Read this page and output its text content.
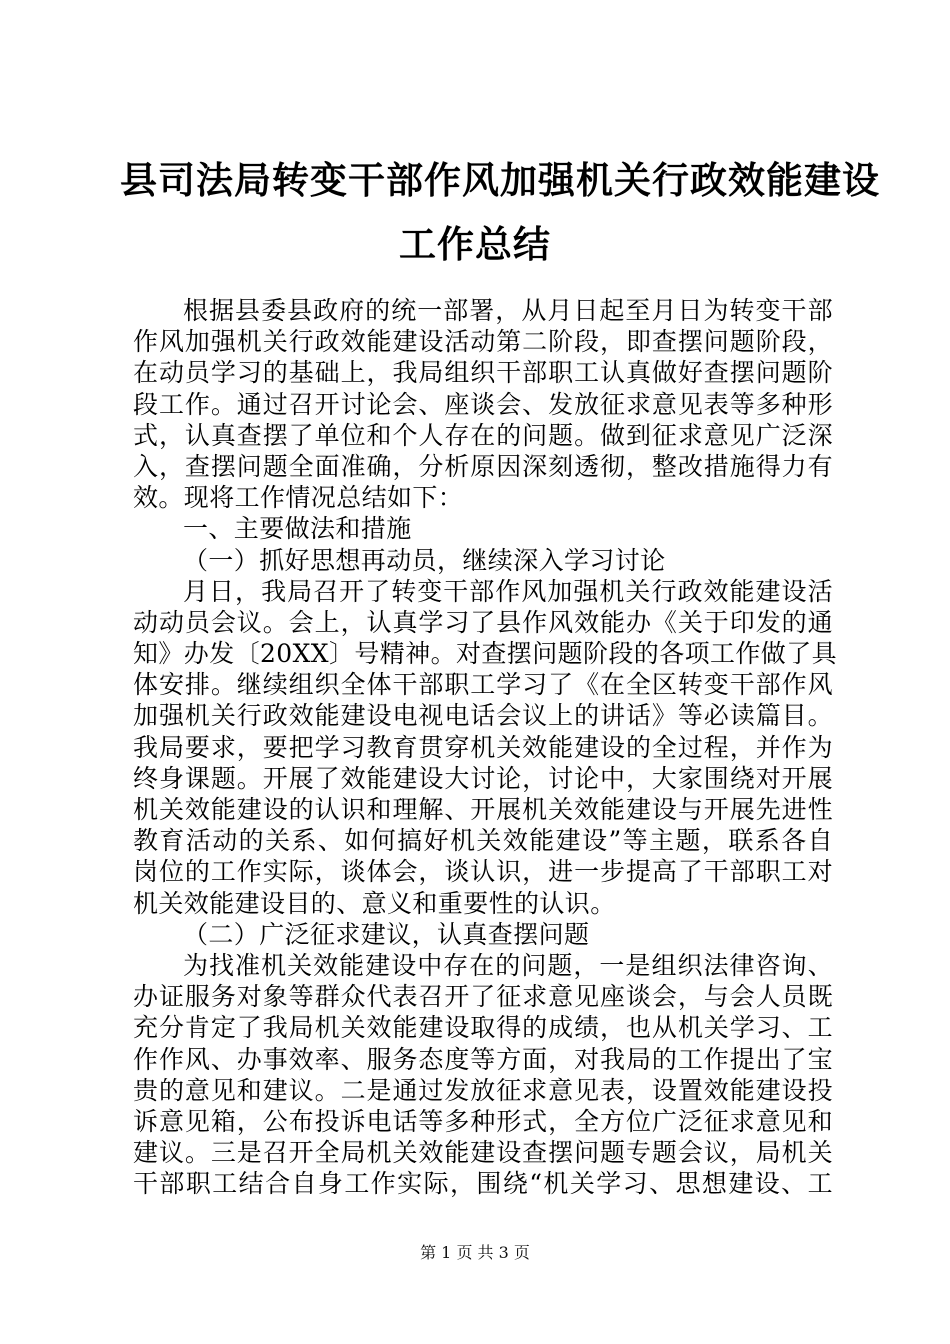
县司法局转变干部作风加强机关行政效能建设
工作总结
根据县委县政府的统一部署，从月日起至月日为转变干部
作风加强机关行政效能建设活动第二阶段，即查摆问题阶段，
在动员学习的基础上，我局组织干部职工认真做好查摆问题阶
段工作。通过召开讨论会、座谈会、发放征求意见表等多种形
式，认真查摆了单位和个人存在的问题。做到征求意见广泛深
入，查摆问题全面准确，分析原因深刻透彻，整改措施得力有
效。现将工作情况总结如下：
一、主要做法和措施
（一）抓好思想再动员，继续深入学习讨论
月日，我局召开了转变干部作风加强机关行政效能建设活
动动员会议。会上，认真学习了县作风效能办《关于印发的通
知》办发〔20XX〕号精神。对查摆问题阶段的各项工作做了具
体安排。继续组织全体干部职工学习了《在全区转变干部作风
加强机关行政效能建设电视电话会议上的讲话》等必读篇目。
我局要求，要把学习教育贯穿机关效能建设的全过程，并作为
终身课题。开展了效能建设大讨论，讨论中，大家围绕对开展
机关效能建设的认识和理解、开展机关效能建设与开展先进性
教育活动的关系、如何搞好机关效能建设”等主题，联系各自
岗位的工作实际，谈体会，谈认识，进一步提高了干部职工对
机关效能建设目的、意义和重要性的认识。
（二）广泛征求建议，认真查摆问题
为找准机关效能建设中存在的问题，一是组织法律咨询、
办证服务对象等群众代表召开了征求意见座谈会，与会人员既
充分肯定了我局机关效能建设取得的成绩，也从机关学习、工
作作风、办事效率、服务态度等方面，对我局的工作提出了宝
贵的意见和建议。二是通过发放征求意见表，设置效能建设投
诉意见箱，公布投诉电话等多种形式，全方位广泛征求意见和
建议。三是召开全局机关效能建设查摆问题专题会议，局机关
干部职工结合自身工作实际，围绕“机关学习、思想建设、工
第 1 页 共 3 页
